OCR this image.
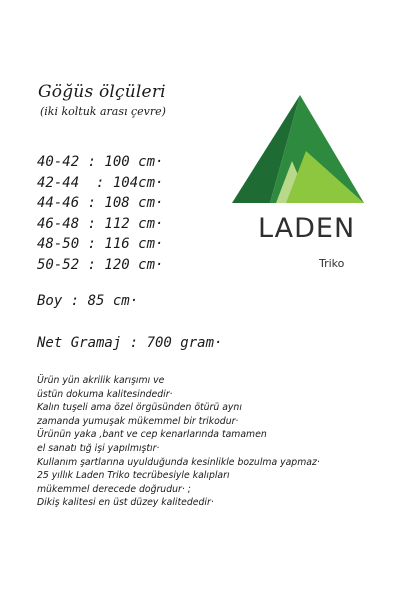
Göğüs ölçüleri
(iki koltuk arası çevre)
40-42 : 100 cm·
42-44  : 104cm·
44-46 : 108 cm·
46-48 : 112 cm·
48-50 : 116 cm·
50-52 : 120 cm·
Boy : 85 cm·
Net Gramaj : 700 gram·
Ürün yün akrilik karışımı ve
üstün dokuma kalitesindedir·
Kalın tuşeli ama özel örgüsünden ötürü aynı
zamanda yumuşak mükemmel bir trikodur·
Ürünün yaka ,bant ve cep kenarlarında tamamen
el sanatı tığ işi yapılmıştır·
Kullanım şartlarına uyulduğunda kesinlikle bozulma yapmaz·
25 yıllık Laden Triko tecrübesiyle kalıpları
mükemmel derecede doğrudur· ;
Dikiş kalitesi en üst düzey kalitededir·
LADEN
Triko
